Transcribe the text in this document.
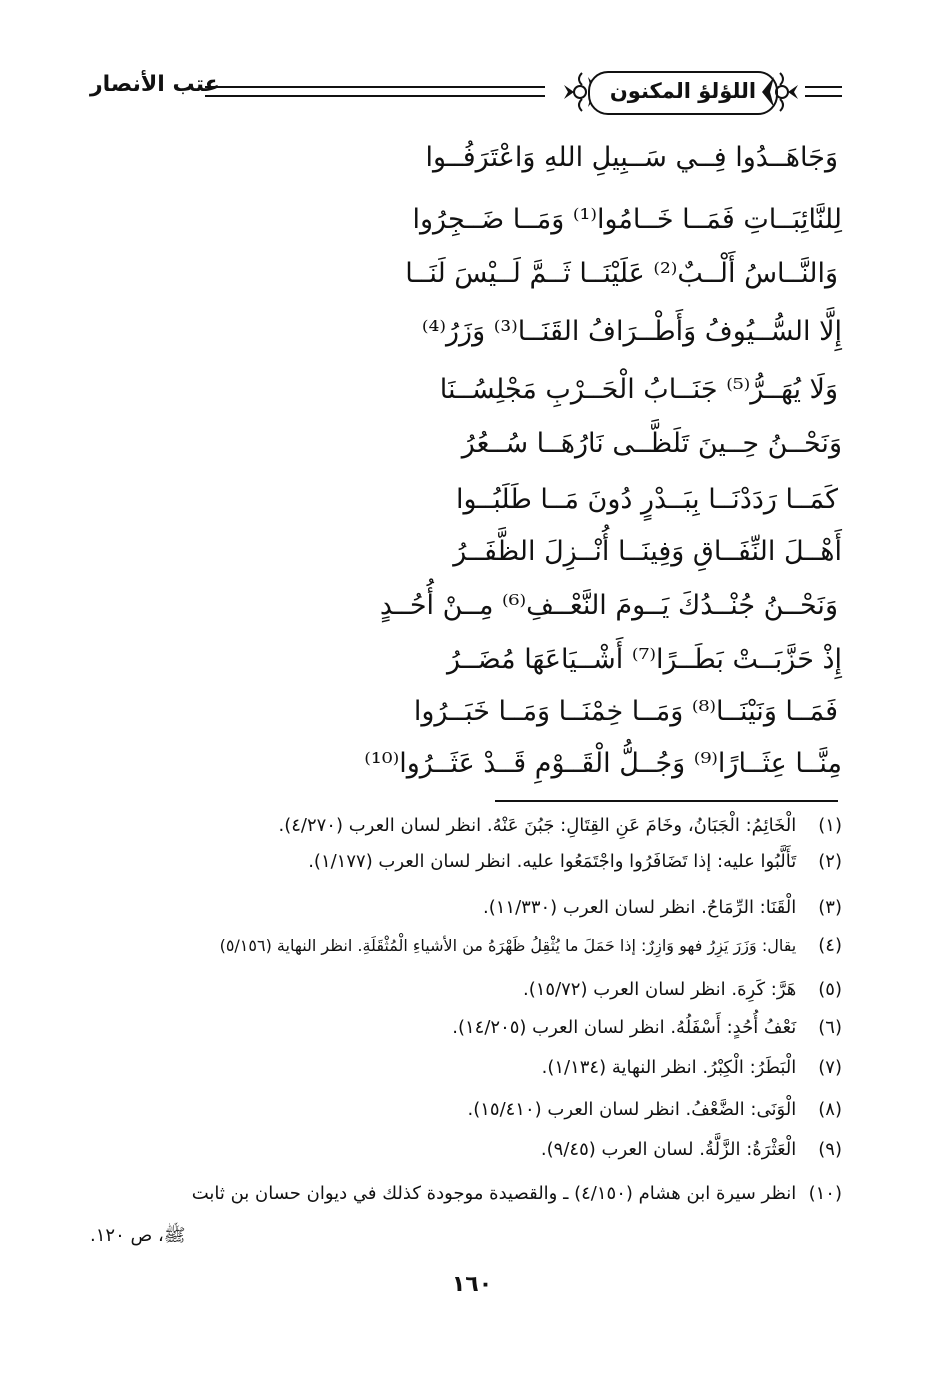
اللؤلؤ المكنون
عتب الأنصار
وَجَاهَــدُوا فِــي سَــبِيلِ اللهِ وَاعْتَرَفُــوا
لِلنَّائِبَــاتِ فَمَــا خَــامُوا⁽¹⁾ وَمَــا ضَــجِرُوا
وَالنَّــاسُ أَلْــبٌ⁽²⁾ عَلَيْنَــا ثَــمَّ لَــيْسَ لَنَــا
إِلَّا السُّــيُوفُ وَأَطْــرَافُ القَنَــا⁽³⁾ وَزَرُ⁽⁴⁾
وَلَا يُهَــرُّ⁽⁵⁾ جَنَــابُ الْحَــرْبِ مَجْلِسُــنَا
وَنَحْــنُ حِــينَ تَلَظَّــى نَارُهَــا سُــعُرُ
كَمَــا رَدَدْنَــا بِبَــدْرٍ دُونَ مَــا طَلَبُــوا
أَهْــلَ النِّفَــاقِ وَفِينَــا أُنْــزِلَ الظَّفَــرُ
وَنَحْــنُ جُنْــدُكَ يَــومَ النَّعْــفِ⁽⁶⁾ مِــنْ أُحُــدٍ
إِذْ حَزَّبَــتْ بَطَــرًا⁽⁷⁾ أَشْــيَاعَهَا مُضَــرُ
فَمَــا وَنَيْنَــا⁽⁸⁾ وَمَــا خِمْنَــا وَمَــا خَبَــرُوا
مِنَّــا عِثَــارًا⁽⁹⁾ وَجُــلُّ الْقَــوْمِ قَــدْ عَثَــرُوا⁽¹⁰⁾
(١) الْخَائِمُ: الْجَبَانُ، وخَامَ عَنِ القِتَالِ: جَبُنَ عَنْهُ. انظر لسان العرب (٤/٢٧٠).
(٢) تَأَلَّبُوا عليه: إذا تَضَافَرُوا واجْتَمَعُوا عليه. انظر لسان العرب (١/١٧٧).
(٣) الْقَنَا: الرِّمَاحُ. انظر لسان العرب (١١/٣٣٠).
(٤) يقال: وَزَرَ يَزِرُ فهو وَازِرٌ: إذا حَمَلَ ما يُثْقِلُ ظَهْرَهُ من الأشياءِ الْمُثْقَلَةِ. انظر النهاية (٥/١٥٦)
(٥) هَرَّ: كَرِهَ. انظر لسان العرب (١٥/٧٢).
(٦) نَعْفُ أُحُدٍ: أَسْفَلُهُ. انظر لسان العرب (١٤/٢٠٥).
(٧) الْبَطَرُ: الْكِبْرُ. انظر النهاية (١/١٣٤).
(٨) الْوَنَى: الضَّعْفُ. انظر لسان العرب (١٥/٤١٠).
(٩) الْعَثْرَةُ: الزَّلَّةُ. لسان العرب (٩/٤٥).
(١٠) انظر سيرة ابن هشام (٤/١٥٠) ـ والقصيدة موجودة كذلك في ديوان حسان بن ثابت
ﷺ، ص ١٢٠.
١٦٠
